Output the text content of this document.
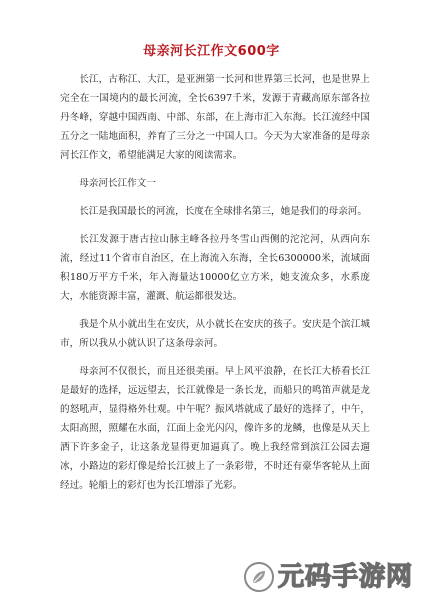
母亲河长江作文600字

长江，古称江、大江，是亚洲第一长河和世界第三长河，也是世界上完全在一国境内的最长河流，全长6397千米，发源于青藏高原东部各拉丹冬峰，穿越中国西南、中部、东部，在上海市汇入东海。长江流经中国五分之一陆地面积，养育了三分之一中国人口。今天为大家准备的是母亲河长江作文，希望能满足大家的阅读需求。

母亲河长江作文一

长江是我国最长的河流，长度在全球排名第三，她是我们的母亲河。

长江发源于唐古拉山脉主峰各拉丹冬雪山西侧的沱沱河，从西向东流，经过11个省市自治区，在上海流入东海，全长6300000米，流域面积180万平方千米，年入海量达10000亿立方米，她支流众多，水系庞大，水能资源丰富，灌溉、航运都很发达。

我是个从小就出生在安庆，从小就长在安庆的孩子。安庆是个滨江城市，所以我从小就认识了这条母亲河。

母亲河不仅很长，而且还很美丽。早上风平浪静，在长江大桥看长江是最好的选择，远远望去，长江就像是一条长龙，而船只的鸣笛声就是龙的怒吼声，显得格外壮观。中午呢？振风塔就成了最好的选择了，中午，太阳高照，照耀在水面，江面上金光闪闪，像许多的龙鳞，也像是从天上洒下许多金子，让这条龙显得更加逼真了。晚上我经常到滨江公园去遛冰，小路边的彩灯像是给长江披上了一条彩带，不时还有豪华客轮从上面经过。轮船上的彩灯也为长江增添了光彩。

元码手游网
